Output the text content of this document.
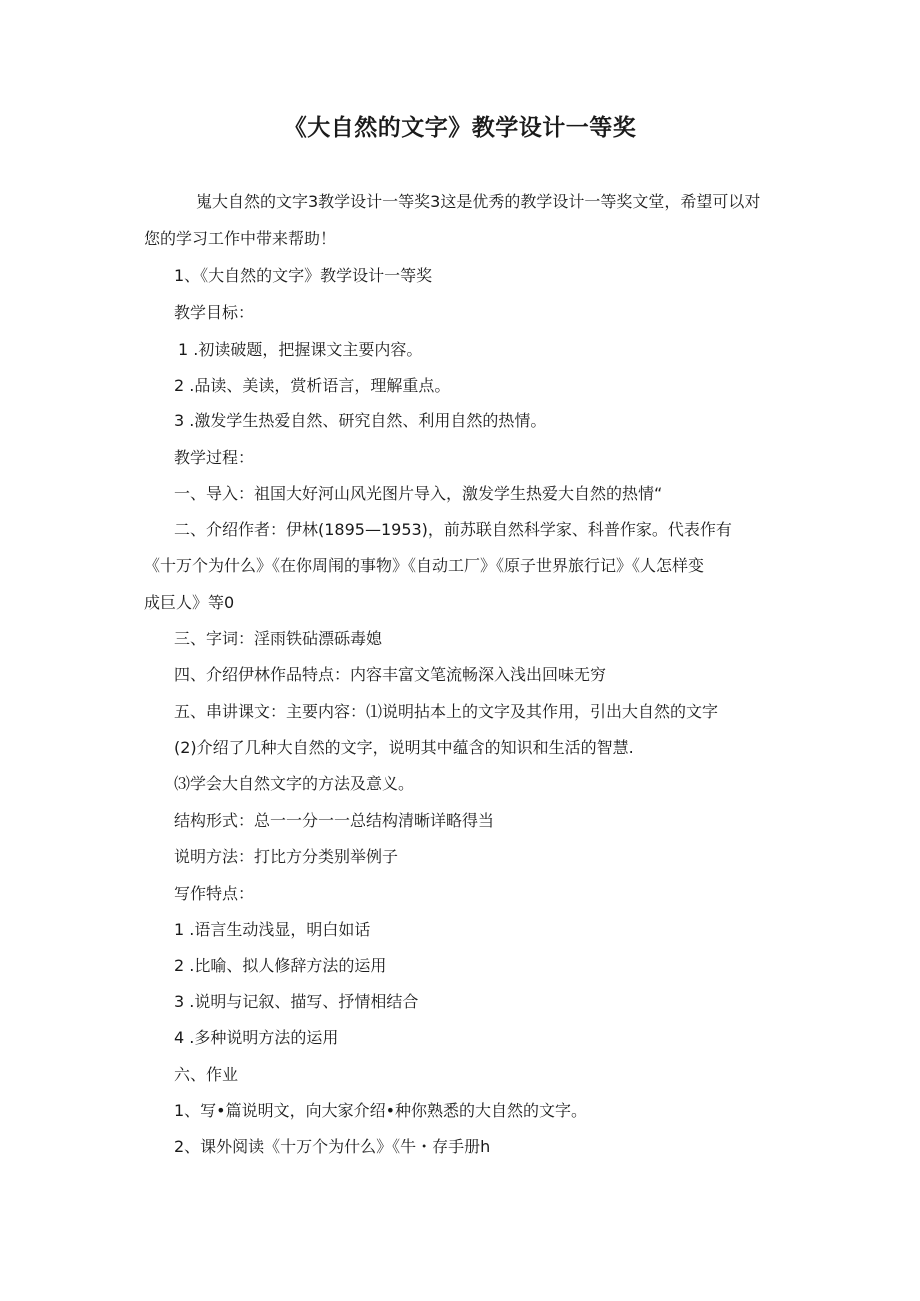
《大自然的文字》教学设计一等奖
嵬大自然的文字3教学设计一等奖3这是优秀的教学设计一等奖文堂，希望可以对
您的学习工作中带来帮助！
1、《大自然的文字》教学设计一等奖
教学目标：
1 .初读破题，把握课文主要内容。
2 .品读、美读，赏析语言，理解重点。
3 .激发学生热爱自然、研究自然、利用自然的热情。
教学过程：
一、导入：祖国大好河山风光图片导入，激发学生热爱大自然的热情“
二、介绍作者：伊林(1895—1953)，前苏联自然科学家、科普作家。代表作有
《十万个为什么》《在你周闱的事物》《自动工厂》《原子世界旅行记》《人怎样变
成巨人》等0
三、字词：淫雨铁砧漂砾毒媳
四、介绍伊林作品特点：内容丰富文笔流畅深入浅出回味无穷
五、串讲课文：主要内容：⑴说明拈本上的文字及其作用，引出大自然的文字
(2)介绍了几种大自然的文字，说明其中蕴含的知识和生活的智慧.
⑶学会大自然文字的方法及意义。
结构形式：总一一分一一总结构清晰详略得当
说明方法：打比方分类别举例子
写作特点：
1 .语言生动浅显，明白如话
2 .比喻、拟人修辞方法的运用
3 .说明与记叙、描写、抒情相结合
4 .多种说明方法的运用
六、作业
1、写•篇说明文，向大家介绍•种你熟悉的大自然的文字。
2、课外阅读《十万个为什么》《牛・存手册h
